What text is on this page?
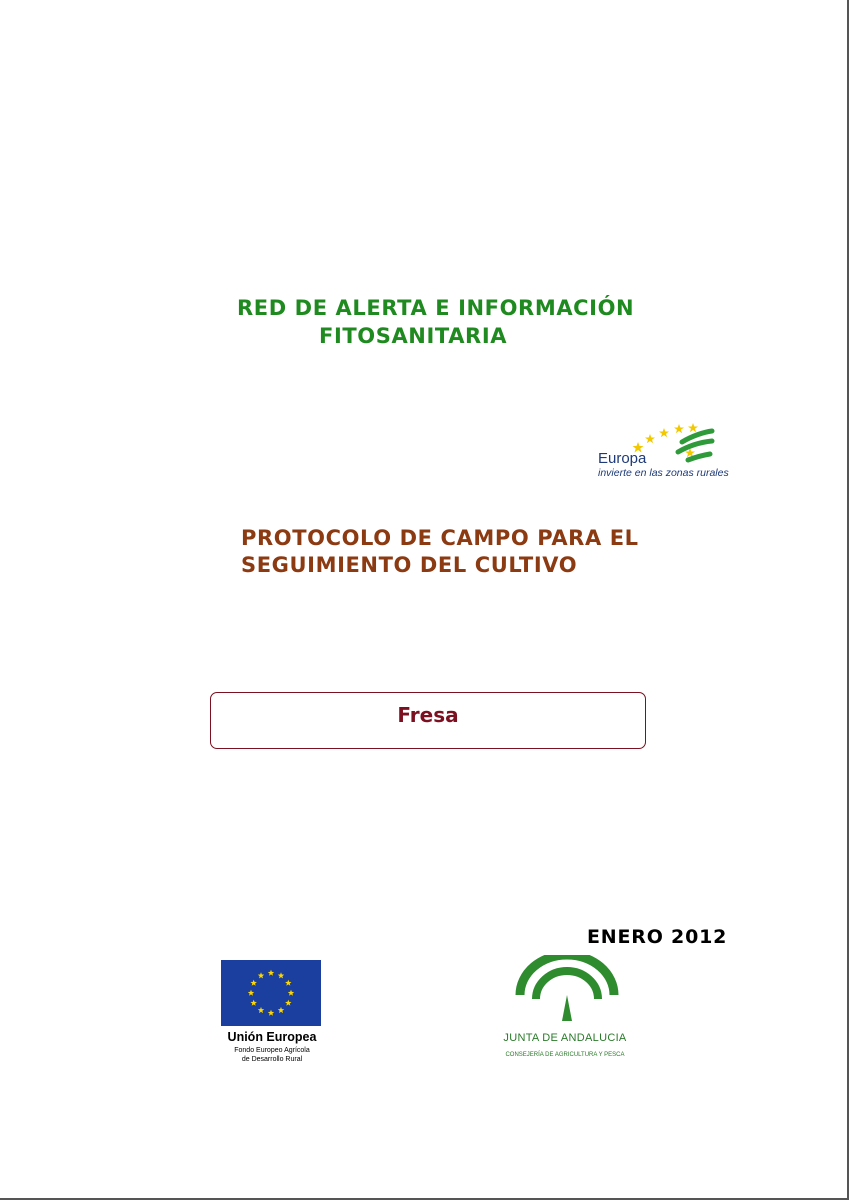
RED DE ALERTA E INFORMACIÓN
FITOSANITARIA
Europa
invierte en las zonas rurales
PROTOCOLO DE CAMPO PARA EL
SEGUIMIENTO DEL CULTIVO
Fresa
ENERO 2012
Unión Europea
Fondo Europeo Agrícola
de Desarrollo Rural
JUNTA DE ANDALUCIA
CONSEJERÍA DE AGRICULTURA Y PESCA
